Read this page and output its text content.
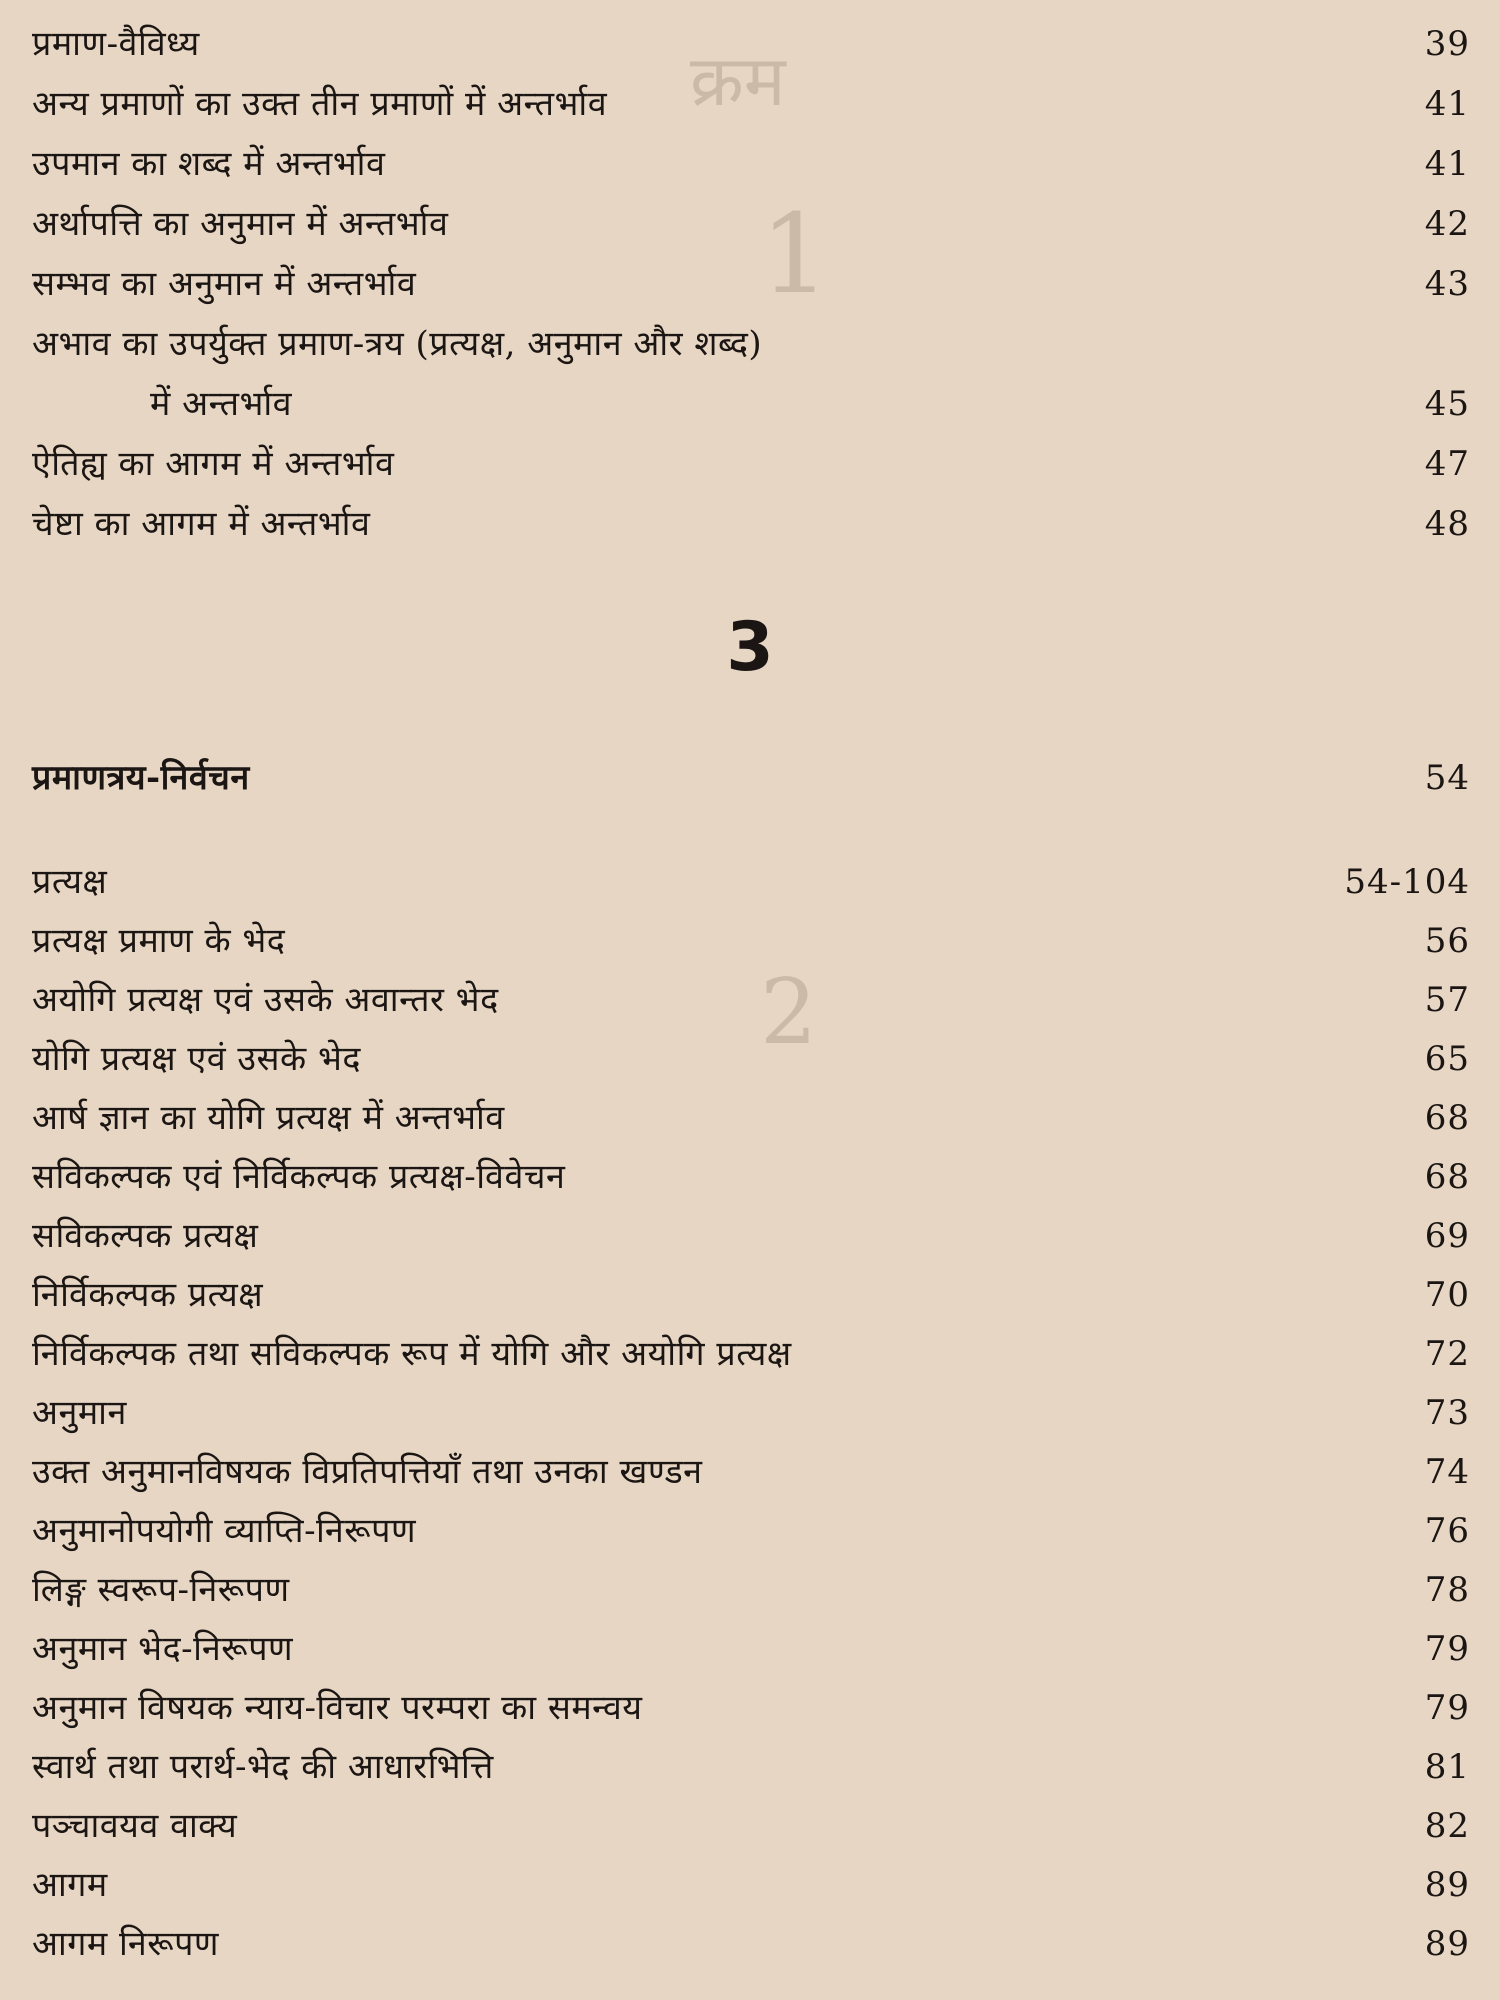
क्रम
1
2
प्रमाण-वैविध्य	39
अन्य प्रमाणों का उक्त तीन प्रमाणों में अन्तर्भाव	41
उपमान का शब्द में अन्तर्भाव	41
अर्थापत्ति का अनुमान में अन्तर्भाव	42
सम्भव का अनुमान में अन्तर्भाव	43
अभाव का उपर्युक्त प्रमाण-त्रय (प्रत्यक्ष, अनुमान और शब्द)
में अन्तर्भाव	45
ऐतिह्य का आगम में अन्तर्भाव	47
चेष्टा का आगम में अन्तर्भाव	48
3
प्रमाणत्रय-निर्वचन	54
प्रत्यक्ष	54-104
प्रत्यक्ष प्रमाण के भेद	56
अयोगि प्रत्यक्ष एवं उसके अवान्तर भेद	57
योगि प्रत्यक्ष एवं उसके भेद	65
आर्ष ज्ञान का योगि प्रत्यक्ष में अन्तर्भाव	68
सविकल्पक एवं निर्विकल्पक प्रत्यक्ष-विवेचन	68
सविकल्पक प्रत्यक्ष	69
निर्विकल्पक प्रत्यक्ष	70
निर्विकल्पक तथा सविकल्पक रूप में योगि और अयोगि प्रत्यक्ष	72
अनुमान	73
उक्त अनुमानविषयक विप्रतिपत्तियाँ तथा उनका खण्डन	74
अनुमानोपयोगी व्याप्ति-निरूपण	76
लिङ्ग स्वरूप-निरूपण	78
अनुमान भेद-निरूपण	79
अनुमान विषयक न्याय-विचार परम्परा का समन्वय	79
स्वार्थ तथा परार्थ-भेद की आधारभित्ति	81
पञ्चावयव वाक्य	82
आगम	89
आगम निरूपण	89
